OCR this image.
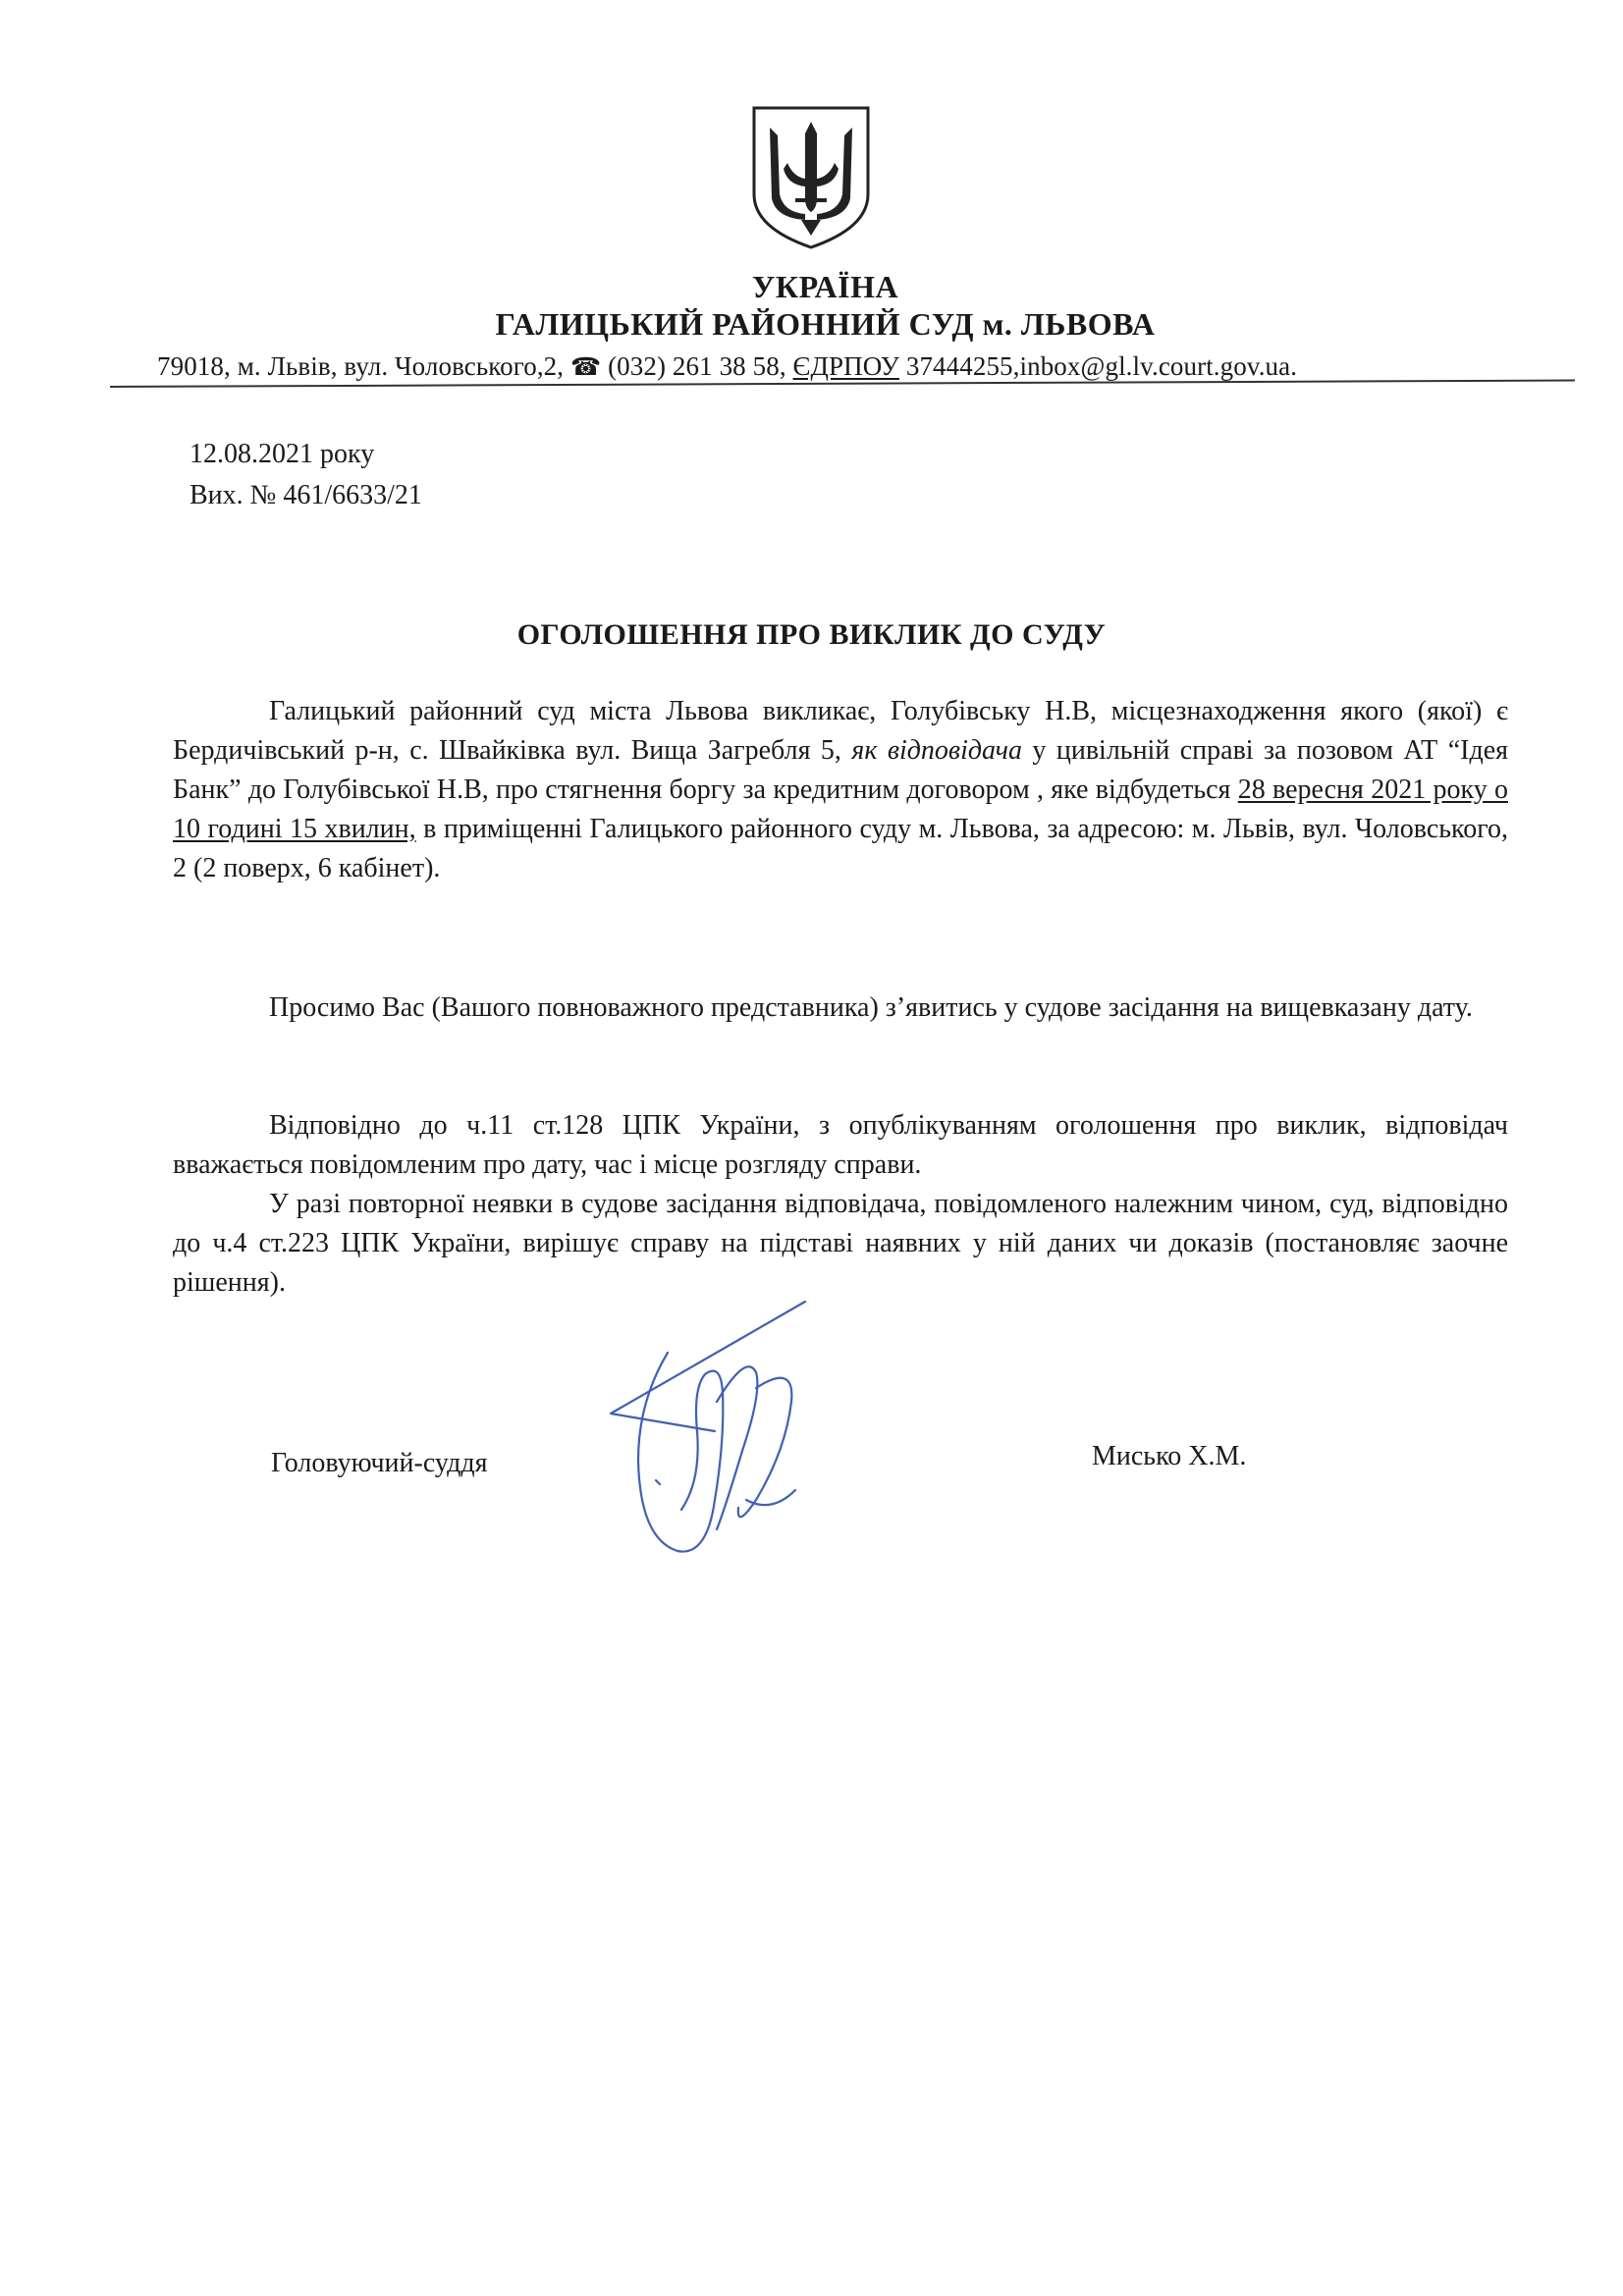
УКРАЇНА
ГАЛИЦЬКИЙ РАЙОННИЙ СУД м. ЛЬВОВА
79018, м. Львів, вул. Чоловського,2, ☎ (032) 261 38 58, ЄДРПОУ 37444255,inbox@gl.lv.court.gov.ua.
12.08.2021 року
Вих. № 461/6633/21
ОГОЛОШЕННЯ ПРО ВИКЛИК ДО СУДУ
Галицький районний суд міста Львова викликає, Голубівську Н.В, місцезнаходження якого (якої) є Бердичівський р-н, с. Швайківка вул. Вища Загребля 5, як відповідача у цивільній справі за позовом АТ “Ідея Банк” до Голубівської Н.В, про стягнення боргу за кредитним договором , яке відбудеться 28 вересня 2021 року о 10 годині 15 хвилин, в приміщенні Галицького районного суду м. Львова, за адресою: м. Львів, вул. Чоловського, 2 (2 поверх, 6 кабінет).
Просимо Вас (Вашого повноважного представника) з’явитись у судове засідання на вищевказану дату.
Відповідно до ч.11 ст.128 ЦПК України, з опублікуванням оголошення про виклик, відповідач вважається повідомленим про дату, час і місце розгляду справи.
У разі повторної неявки в судове засідання відповідача, повідомленого належним чином, суд, відповідно до ч.4 ст.223 ЦПК України, вирішує справу на підставі наявних у ній даних чи доказів (постановляє заочне рішення).
Головуючий-суддя	Мисько Х.М.
